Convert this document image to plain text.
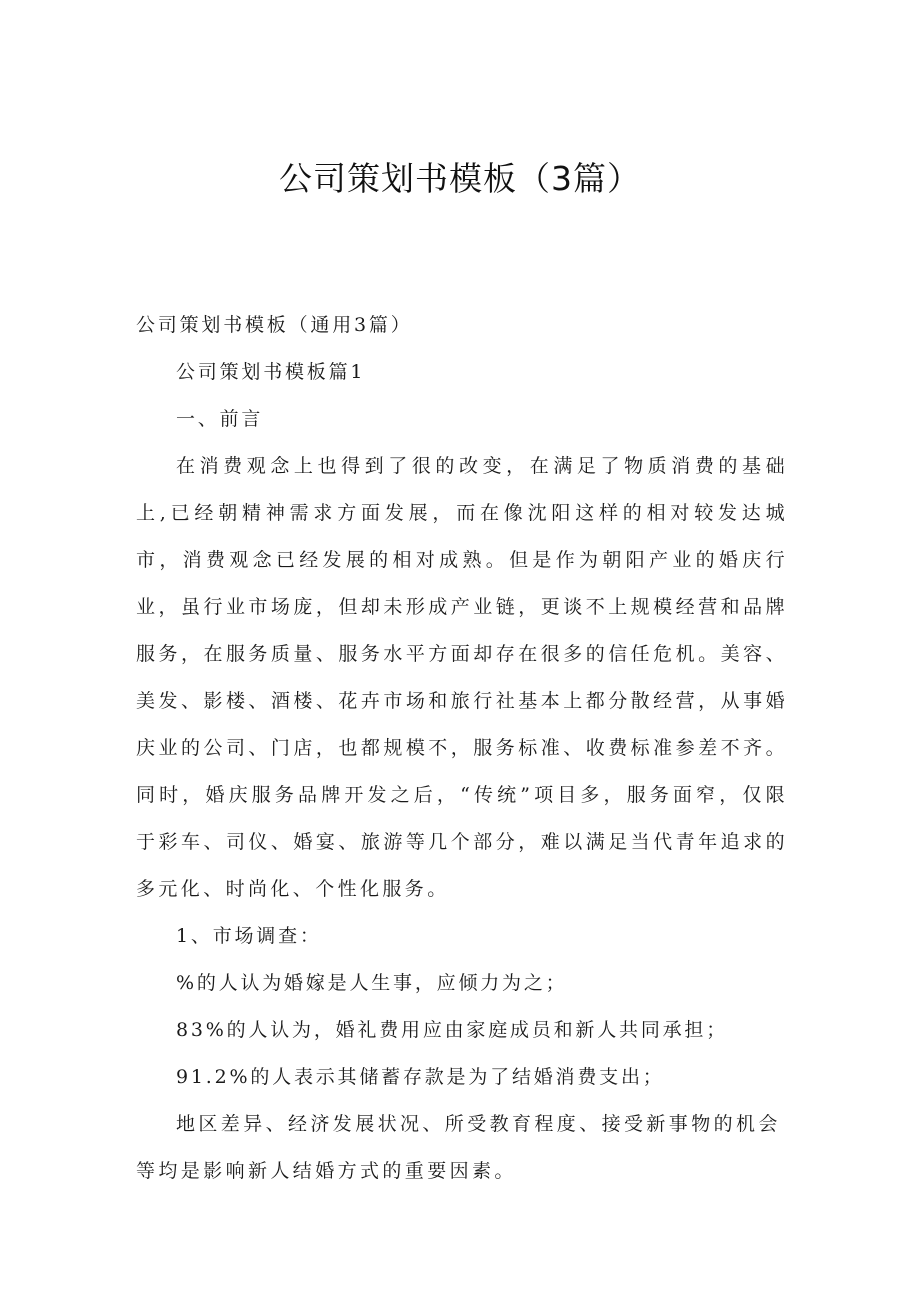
公司策划书模板（3篇）

公司策划书模板（通用3篇）

公司策划书模板篇1

一、前言

在消费观念上也得到了很的改变，在满足了物质消费的基础上,已经朝精神需求方面发展，而在像沈阳这样的相对较发达城市，消费观念已经发展的相对成熟。但是作为朝阳产业的婚庆行业，虽行业市场庞，但却未形成产业链，更谈不上规模经营和品牌服务，在服务质量、服务水平方面却存在很多的信任危机。美容、美发、影楼、酒楼、花卉市场和旅行社基本上都分散经营，从事婚庆业的公司、门店，也都规模不，服务标准、收费标准参差不齐。同时，婚庆服务品牌开发之后，“传统”项目多，服务面窄，仅限于彩车、司仪、婚宴、旅游等几个部分，难以满足当代青年追求的多元化、时尚化、个性化服务。

1、市场调查：

%的人认为婚嫁是人生事，应倾力为之；

83%的人认为，婚礼费用应由家庭成员和新人共同承担；

91.2%的人表示其储蓄存款是为了结婚消费支出；

地区差异、经济发展状况、所受教育程度、接受新事物的机会

等均是影响新人结婚方式的重要因素。
